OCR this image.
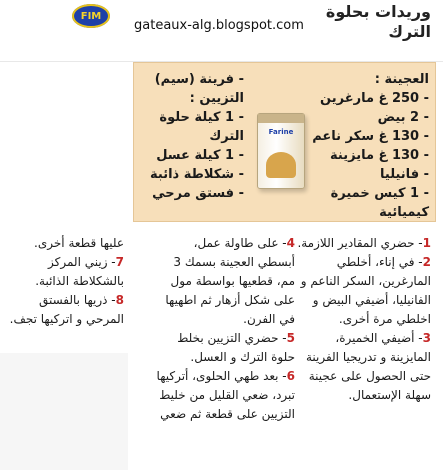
FIM	وريدات بحلوة الترك
gateaux-alg.blogspot.com
العجينة :
- 250 غ مارغرين
- 2 بيض
- 130 غ سكر ناعم
- 130 غ مايزينة
- فانيليا
- 1 كيس خميرة كيميائية
- فرينة (سيم)
التزيين :
- 1 كيلة حلوة الترك
- 1 كيلة عسل
- شكلاطة ذائبة
- فستق مرحي
Farine
1- حضري المقادير اللازمة.
2- في إناء، أخلطي المارغرين، السكر الناعم و الفانيليا، أضيفي البيض و اخلطي مرة أخرى.
3- أضيفي الخميرة، المايزينة و تدريجيا الفرينة حتى الحصول على عجينة سهلة الإستعمال.
4- على طاولة عمل، أبسطي العجينة بسمك 3 مم، قطعيها بواسطة مول على شكل أزهار ثم اطهيها في الفرن.
5- حضري التزيين بخلط حلوة الترك و العسل.
6- بعد طهي الحلوى، أتركيها تبرد، ضعي القليل من خليط التزيين على قطعة ثم ضعي
عليها قطعة أخرى.
7- زيني المركز بالشكلاطة الذائبة.
8- ذريها بالفستق المرحي و اتركيها تجف.
